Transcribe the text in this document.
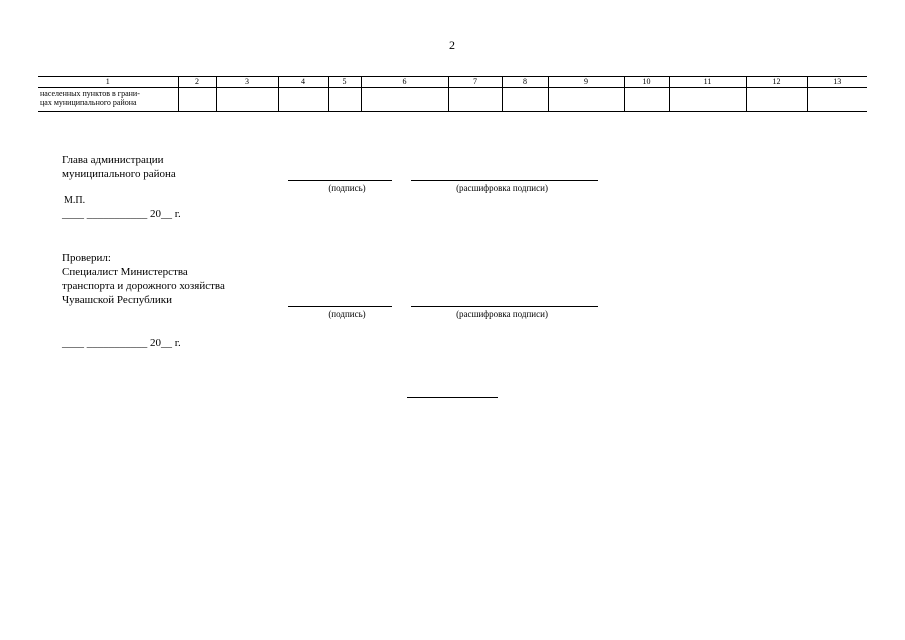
2
1	2	3	4	5	6	7	8	9	10	11	12	13

населенных пунктов в грани-
цах муниципального района												

Глава администрации
муниципального района
(подпись)	(расшифровка подписи)
М.П.
____ ___________ 20__ г.
Проверил:
Специалист Министерства
транспорта и дорожного хозяйства
Чувашской Республики
(подпись)	(расшифровка подписи)
____ ___________ 20__ г.
